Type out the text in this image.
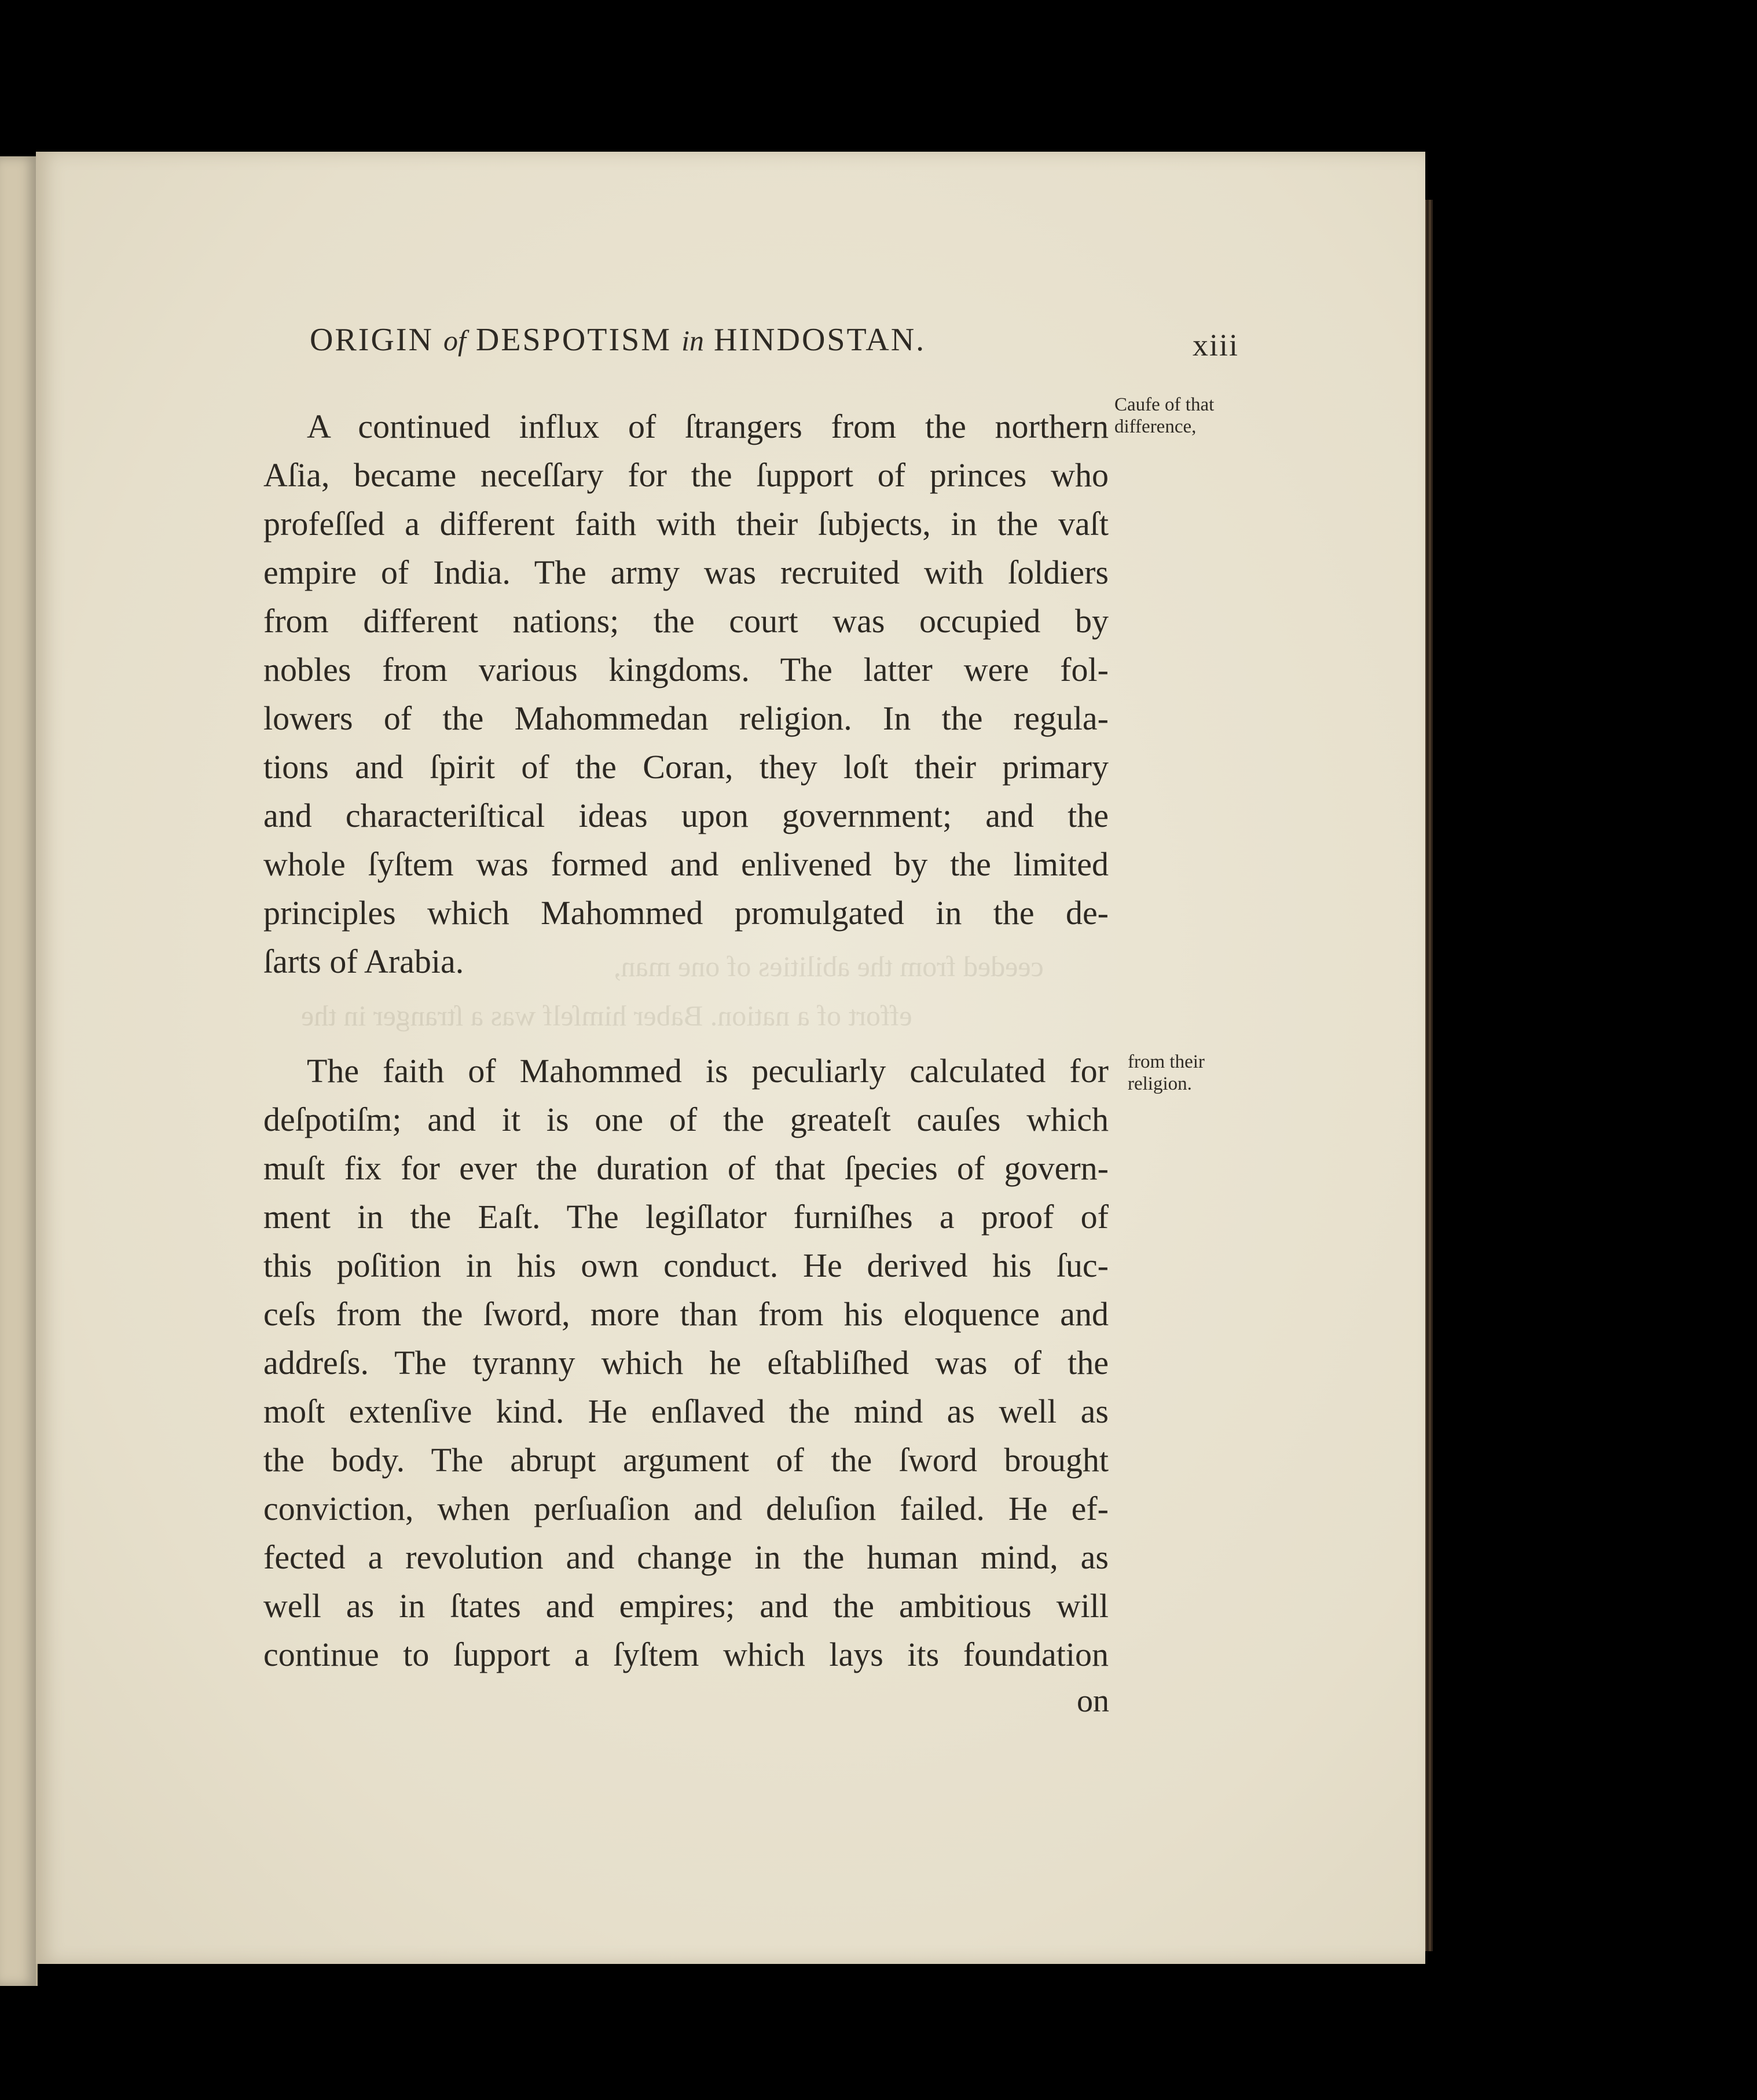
ceeded from the abilities of one man,
effort of a nation. Baber himſelf was a ſtranger in the
ORIGIN of DESPOTISM in HINDOSTAN.	xiii
Caufe of that
difference,
from their
religion.
A continued influx of ſtrangers from the northern
Aſia, became neceſſary for the ſupport of princes who
profeſſed a different faith with their ſubjects, in the vaſt
empire of India. The army was recruited with ſoldiers
from different nations; the court was occupied by
nobles from various kingdoms. The latter were fol-
lowers of the Mahommedan religion. In the regula-
tions and ſpirit of the Coran, they loſt their primary
and characteriſtical ideas upon government; and the
whole ſyſtem was formed and enlivened by the limited
principles which Mahommed promulgated in the de-
ſarts of Arabia.
The faith of Mahommed is peculiarly calculated for
deſpotiſm; and it is one of the greateſt cauſes which
muſt fix for ever the duration of that ſpecies of govern-
ment in the Eaſt. The legiſlator furniſhes a proof of
this poſition in his own conduct. He derived his ſuc-
ceſs from the ſword, more than from his eloquence and
addreſs. The tyranny which he eſtabliſhed was of the
moſt extenſive kind. He enſlaved the mind as well as
the body. The abrupt argument of the ſword brought
conviction, when perſuaſion and deluſion failed. He ef-
fected a revolution and change in the human mind, as
well as in ſtates and empires; and the ambitious will
continue to ſupport a ſyſtem which lays its foundation
on
